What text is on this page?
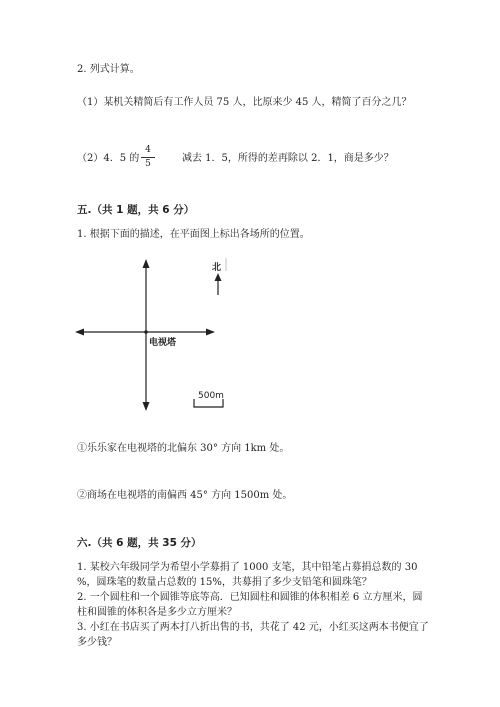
2. 列式计算。
（1）某机关精简后有工作人员 75 人，比原来少 45 人，精简了百分之几？
（2）4．5 的
4
5	减去 1．5，所得的差再除以 2．1，商是多少？
五.（共 1 题，共 6 分）
1. 根据下面的描述，在平面图上标出各场所的位置。
电视塔
北
500m
①乐乐家在电视塔的北偏东 30° 方向 1km 处。
②商场在电视塔的南偏西 45° 方向 1500m 处。
六.（共 6 题，共 35 分）
1. 某校六年级同学为希望小学募捐了 1000 支笔，其中铅笔占募捐总数的 30
%，圆珠笔的数量占总数的 15%，共募捐了多少支铅笔和圆珠笔？
2. 一个圆柱和一个圆锥等底等高．已知圆柱和圆锥的体积相差 6 立方厘米，圆
柱和圆锥的体积各是多少立方厘米？
3. 小红在书店买了两本打八折出售的书，共花了 42 元，小红买这两本书便宜了
多少钱？
